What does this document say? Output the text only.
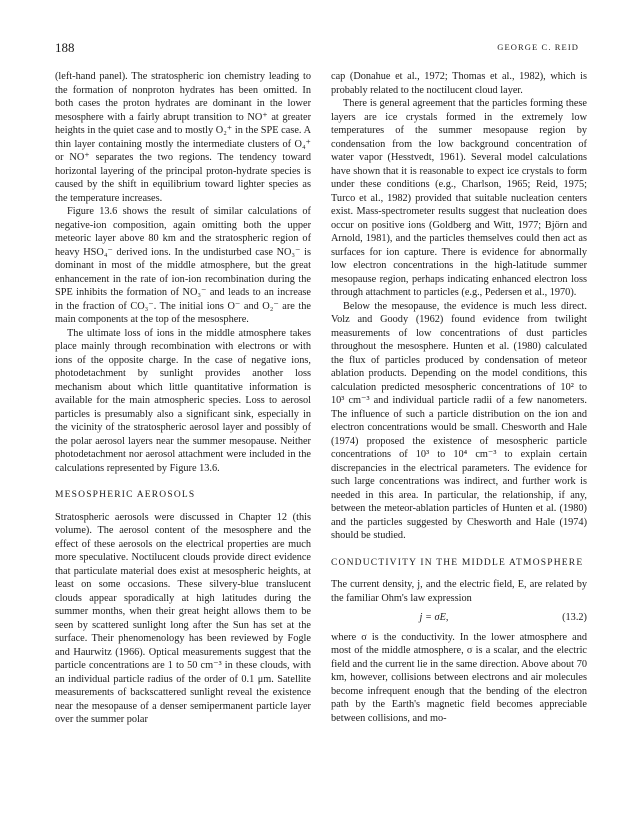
188	GEORGE C. REID

(left-hand panel). The stratospheric ion chemistry leading to the formation of nonproton hydrates has been omitted. In both cases the proton hydrates are dominant in the lower mesosphere with a fairly abrupt transition to NO⁺ at greater heights in the quiet case and to mostly O₂⁺ in the SPE case. A thin layer containing mostly the intermediate clusters of O₄⁺ or NO⁺ separates the two regions. The tendency toward horizontal layering of the principal proton-hydrate species is caused by the shift in equilibrium toward lighter species as the temperature increases.

Figure 13.6 shows the result of similar calculations of negative-ion composition, again omitting both the upper meteoric layer above 80 km and the stratospheric region of heavy HSO₄⁻ derived ions. In the undisturbed case NO₃⁻ is dominant in most of the middle atmosphere, but the great enhancement in the rate of ion-ion recombination during the SPE inhibits the formation of NO₃⁻ and leads to an increase in the fraction of CO₃⁻. The initial ions O⁻ and O₂⁻ are the main components at the top of the mesosphere.

The ultimate loss of ions in the middle atmosphere takes place mainly through recombination with electrons or with ions of the opposite charge. In the case of negative ions, photodetachment by sunlight provides another loss mechanism about which little quantitative information is available for the main atmospheric species. Loss to aerosol particles is presumably also a significant sink, especially in the vicinity of the stratospheric aerosol layer and possibly of the polar aerosol layers near the summer mesopause. Neither photodetachment nor aerosol attachment were included in the calculations represented by Figure 13.6.

MESOSPHERIC AEROSOLS

Stratospheric aerosols were discussed in Chapter 12 (this volume). The aerosol content of the mesosphere and the effect of these aerosols on the electrical properties are much more speculative. Noctilucent clouds provide direct evidence that particulate material does exist at mesospheric heights, at least on some occasions. These silvery-blue translucent clouds appear sporadically at high latitudes during the summer months, when their great height allows them to be seen by scattered sunlight long after the Sun has set at the surface. Their phenomenology has been reviewed by Fogle and Haurwitz (1966). Optical measurements suggest that the particle concentrations are 1 to 50 cm⁻³ in these clouds, with an individual particle radius of the order of 0.1 μm. Satellite measurements of backscattered sunlight reveal the existence near the mesopause of a denser semipermanent particle layer over the summer polar

cap (Donahue et al., 1972; Thomas et al., 1982), which is probably related to the noctilucent cloud layer.

There is general agreement that the particles forming these layers are ice crystals formed in the extremely low temperatures of the summer mesopause region by condensation from the low background concentration of water vapor (Hesstvedt, 1961). Several model calculations have shown that it is reasonable to expect ice crystals to form under these conditions (e.g., Charlson, 1965; Reid, 1975; Turco et al., 1982) provided that suitable nucleation centers exist. Mass-spectrometer results suggest that nucleation does occur on positive ions (Goldberg and Witt, 1977; Björn and Arnold, 1981), and the particles themselves could then act as surfaces for ion capture. There is evidence for abnormally low electron concentrations in the high-latitude summer mesopause region, perhaps indicating enhanced electron loss through attachment to particles (e.g., Pedersen et al., 1970).

Below the mesopause, the evidence is much less direct. Volz and Goody (1962) found evidence from twilight measurements of low concentrations of dust particles throughout the mesosphere. Hunten et al. (1980) calculated the flux of particles produced by condensation of meteor ablation products. Depending on the model conditions, this calculation predicted mesospheric concentrations of 10² to 10³ cm⁻³ and individual particle radii of a few nanometers. The influence of such a particle distribution on the ion and electron concentrations would be small. Chesworth and Hale (1974) proposed the existence of mesospheric particle concentrations of 10³ to 10⁴ cm⁻³ to explain certain discrepancies in the electrical parameters. The evidence for such large concentrations was indirect, and further work is needed in this area. In particular, the relationship, if any, between the meteor-ablation particles of Hunten et al. (1980) and the particles suggested by Chesworth and Hale (1974) should be studied.

CONDUCTIVITY IN THE MIDDLE ATMOSPHERE

The current density, j, and the electric field, E, are related by the familiar Ohm's law expression

j = σE,	(13.2)

where σ is the conductivity. In the lower atmosphere and most of the middle atmosphere, σ is a scalar, and the electric field and the current lie in the same direction. Above about 70 km, however, collisions between electrons and air molecules become infrequent enough that the bending of the electron path by the Earth's magnetic field becomes appreciable between collisions, and mo-
